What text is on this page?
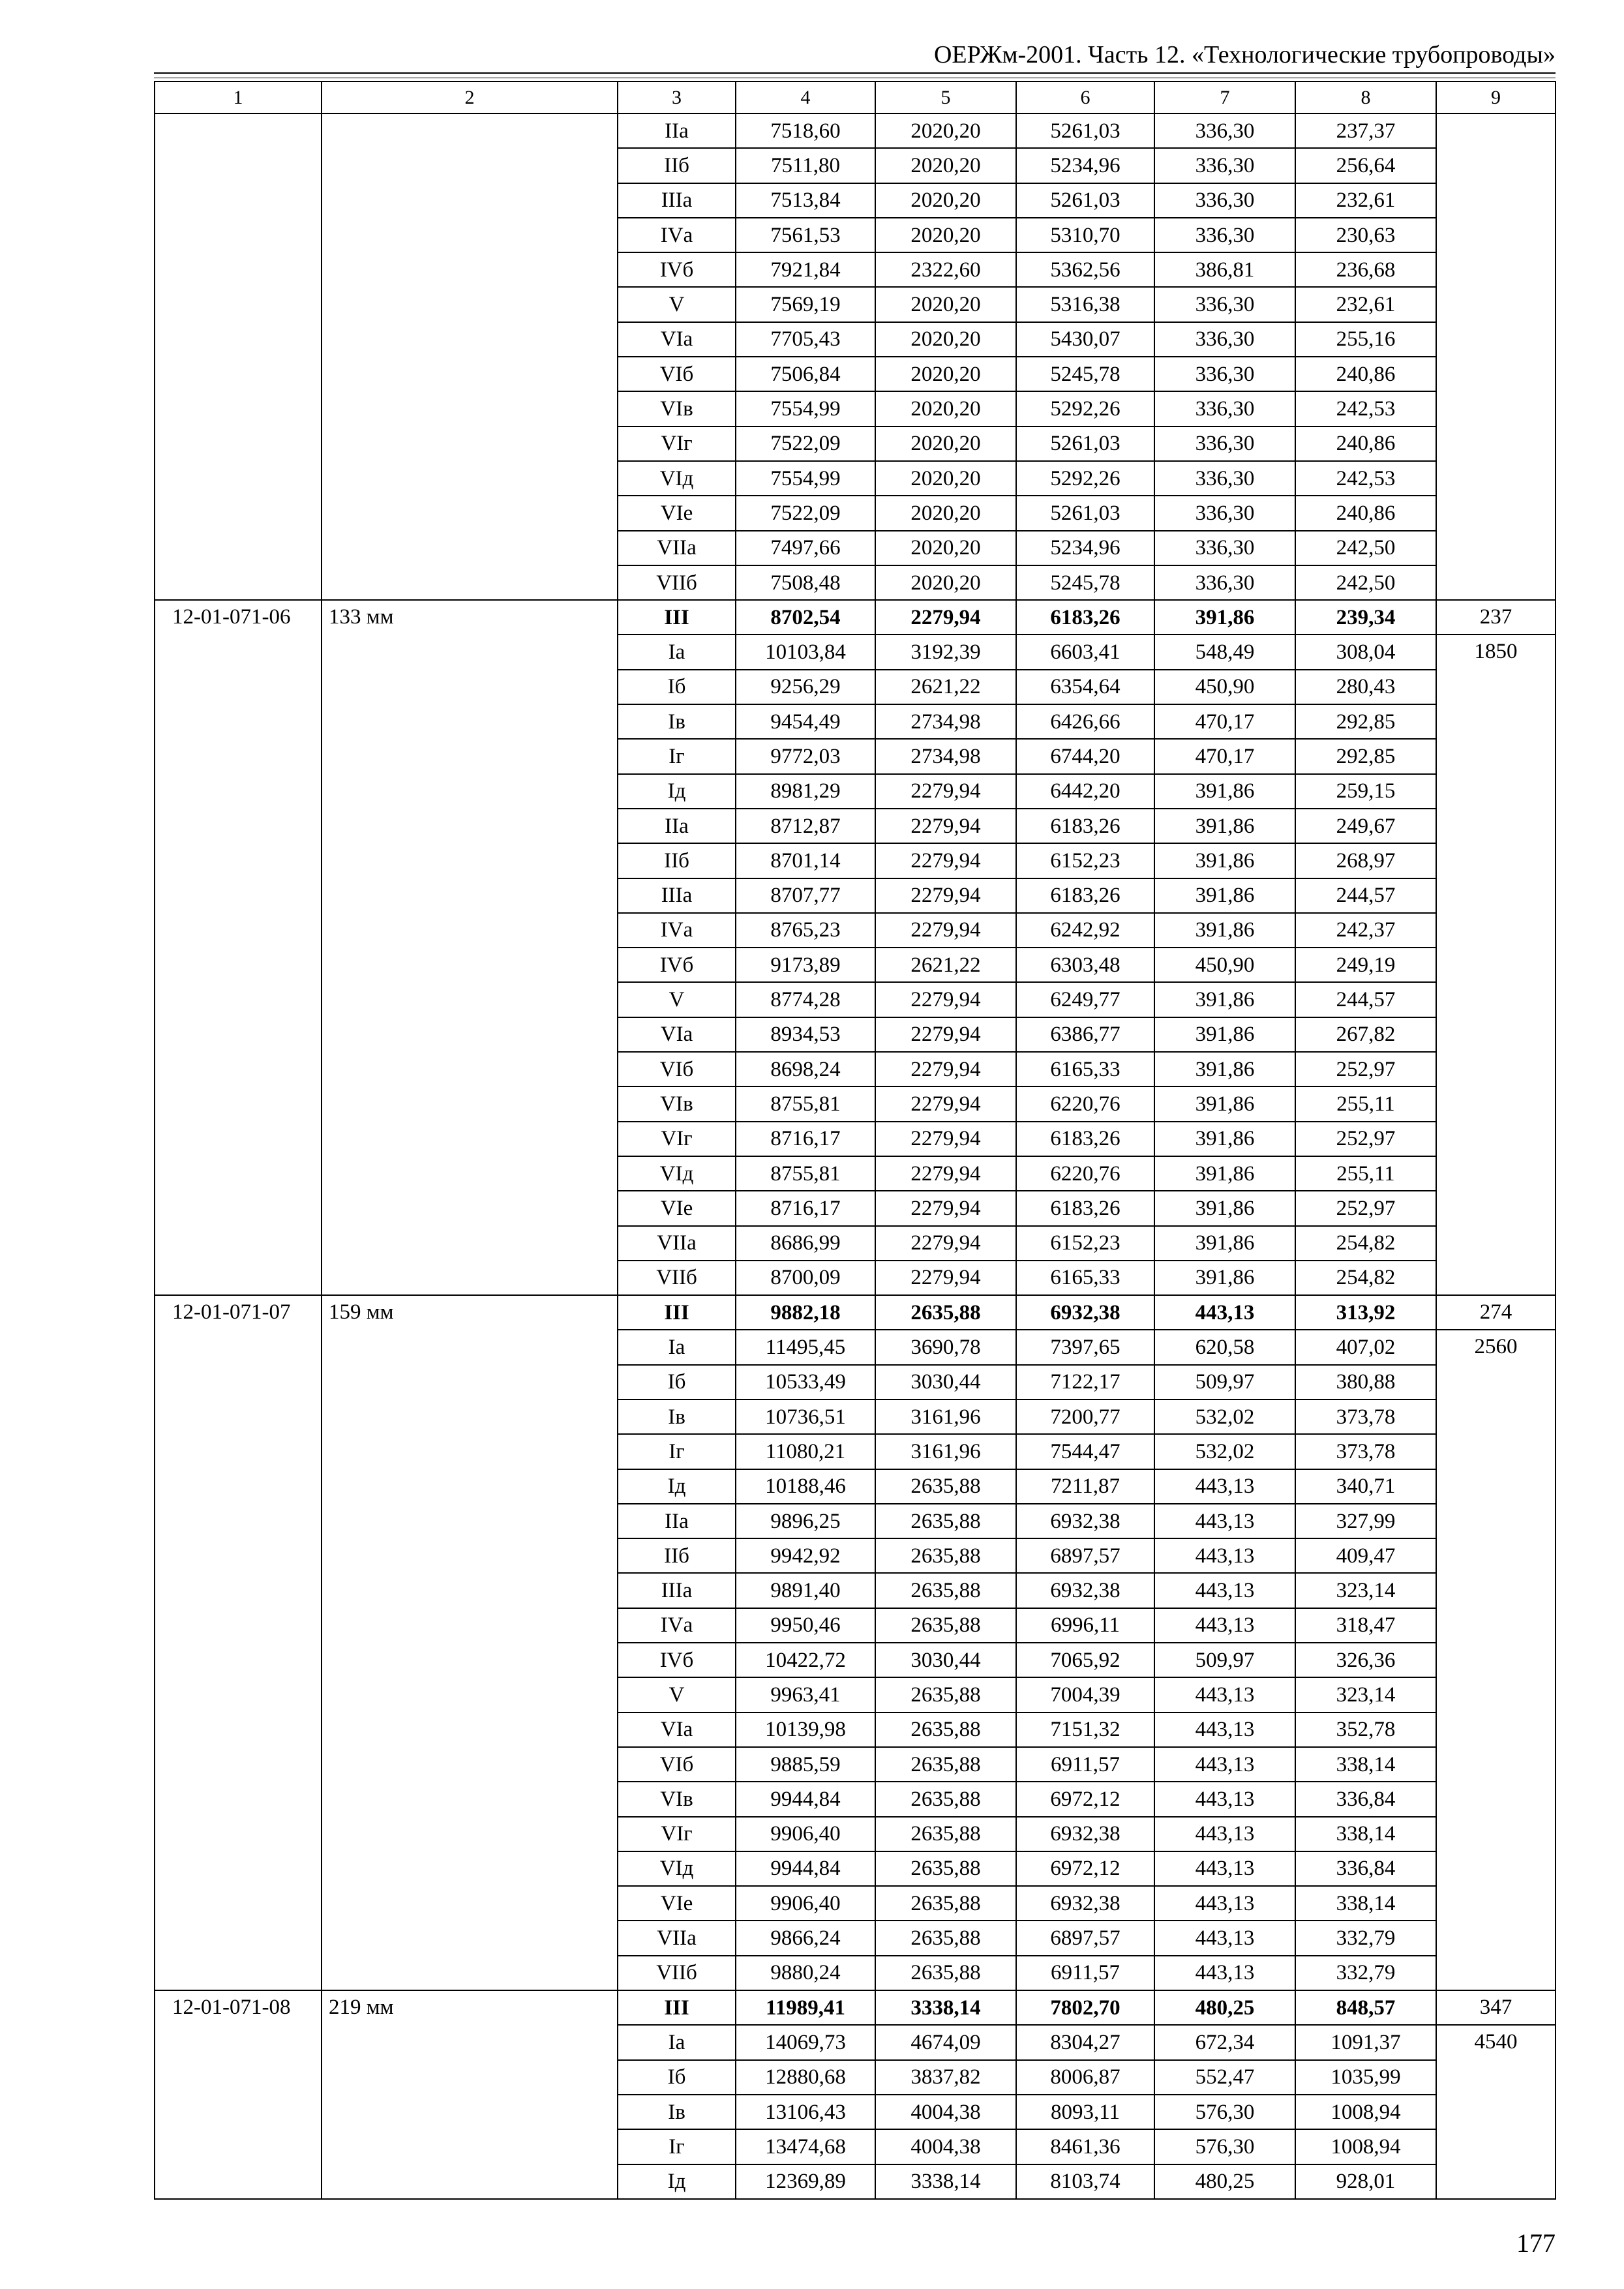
ОЕРЖм-2001. Часть 12. «Технологические трубопроводы»
1	2	3	4	5	6	7	8	9
		IIа	7518,60	2020,20	5261,03	336,30	237,37	
		IIб	7511,80	2020,20	5234,96	336,30	256,64	
		IIIа	7513,84	2020,20	5261,03	336,30	232,61	
		IVа	7561,53	2020,20	5310,70	336,30	230,63	
		IVб	7921,84	2322,60	5362,56	386,81	236,68	
		V	7569,19	2020,20	5316,38	336,30	232,61	
		VIа	7705,43	2020,20	5430,07	336,30	255,16	
		VIб	7506,84	2020,20	5245,78	336,30	240,86	
		VIв	7554,99	2020,20	5292,26	336,30	242,53	
		VIг	7522,09	2020,20	5261,03	336,30	240,86	
		VIд	7554,99	2020,20	5292,26	336,30	242,53	
		VIе	7522,09	2020,20	5261,03	336,30	240,86	
		VIIа	7497,66	2020,20	5234,96	336,30	242,50	
		VIIб	7508,48	2020,20	5245,78	336,30	242,50	
12-01-071-06	133 мм	III	8702,54	2279,94	6183,26	391,86	239,34	237
		Iа	10103,84	3192,39	6603,41	548,49	308,04	1850
		Iб	9256,29	2621,22	6354,64	450,90	280,43	
		Iв	9454,49	2734,98	6426,66	470,17	292,85	
		Iг	9772,03	2734,98	6744,20	470,17	292,85	
		Iд	8981,29	2279,94	6442,20	391,86	259,15	
		IIа	8712,87	2279,94	6183,26	391,86	249,67	
		IIб	8701,14	2279,94	6152,23	391,86	268,97	
		IIIа	8707,77	2279,94	6183,26	391,86	244,57	
		IVа	8765,23	2279,94	6242,92	391,86	242,37	
		IVб	9173,89	2621,22	6303,48	450,90	249,19	
		V	8774,28	2279,94	6249,77	391,86	244,57	
		VIа	8934,53	2279,94	6386,77	391,86	267,82	
		VIб	8698,24	2279,94	6165,33	391,86	252,97	
		VIв	8755,81	2279,94	6220,76	391,86	255,11	
		VIг	8716,17	2279,94	6183,26	391,86	252,97	
		VIд	8755,81	2279,94	6220,76	391,86	255,11	
		VIе	8716,17	2279,94	6183,26	391,86	252,97	
		VIIа	8686,99	2279,94	6152,23	391,86	254,82	
		VIIб	8700,09	2279,94	6165,33	391,86	254,82	
12-01-071-07	159 мм	III	9882,18	2635,88	6932,38	443,13	313,92	274
		Iа	11495,45	3690,78	7397,65	620,58	407,02	2560
		Iб	10533,49	3030,44	7122,17	509,97	380,88	
		Iв	10736,51	3161,96	7200,77	532,02	373,78	
		Iг	11080,21	3161,96	7544,47	532,02	373,78	
		Iд	10188,46	2635,88	7211,87	443,13	340,71	
		IIа	9896,25	2635,88	6932,38	443,13	327,99	
		IIб	9942,92	2635,88	6897,57	443,13	409,47	
		IIIа	9891,40	2635,88	6932,38	443,13	323,14	
		IVа	9950,46	2635,88	6996,11	443,13	318,47	
		IVб	10422,72	3030,44	7065,92	509,97	326,36	
		V	9963,41	2635,88	7004,39	443,13	323,14	
		VIа	10139,98	2635,88	7151,32	443,13	352,78	
		VIб	9885,59	2635,88	6911,57	443,13	338,14	
		VIв	9944,84	2635,88	6972,12	443,13	336,84	
		VIг	9906,40	2635,88	6932,38	443,13	338,14	
		VIд	9944,84	2635,88	6972,12	443,13	336,84	
		VIе	9906,40	2635,88	6932,38	443,13	338,14	
		VIIа	9866,24	2635,88	6897,57	443,13	332,79	
		VIIб	9880,24	2635,88	6911,57	443,13	332,79	
12-01-071-08	219 мм	III	11989,41	3338,14	7802,70	480,25	848,57	347
		Iа	14069,73	4674,09	8304,27	672,34	1091,37	4540
		Iб	12880,68	3837,82	8006,87	552,47	1035,99	
		Iв	13106,43	4004,38	8093,11	576,30	1008,94	
		Iг	13474,68	4004,38	8461,36	576,30	1008,94	
		Iд	12369,89	3338,14	8103,74	480,25	928,01	
177
